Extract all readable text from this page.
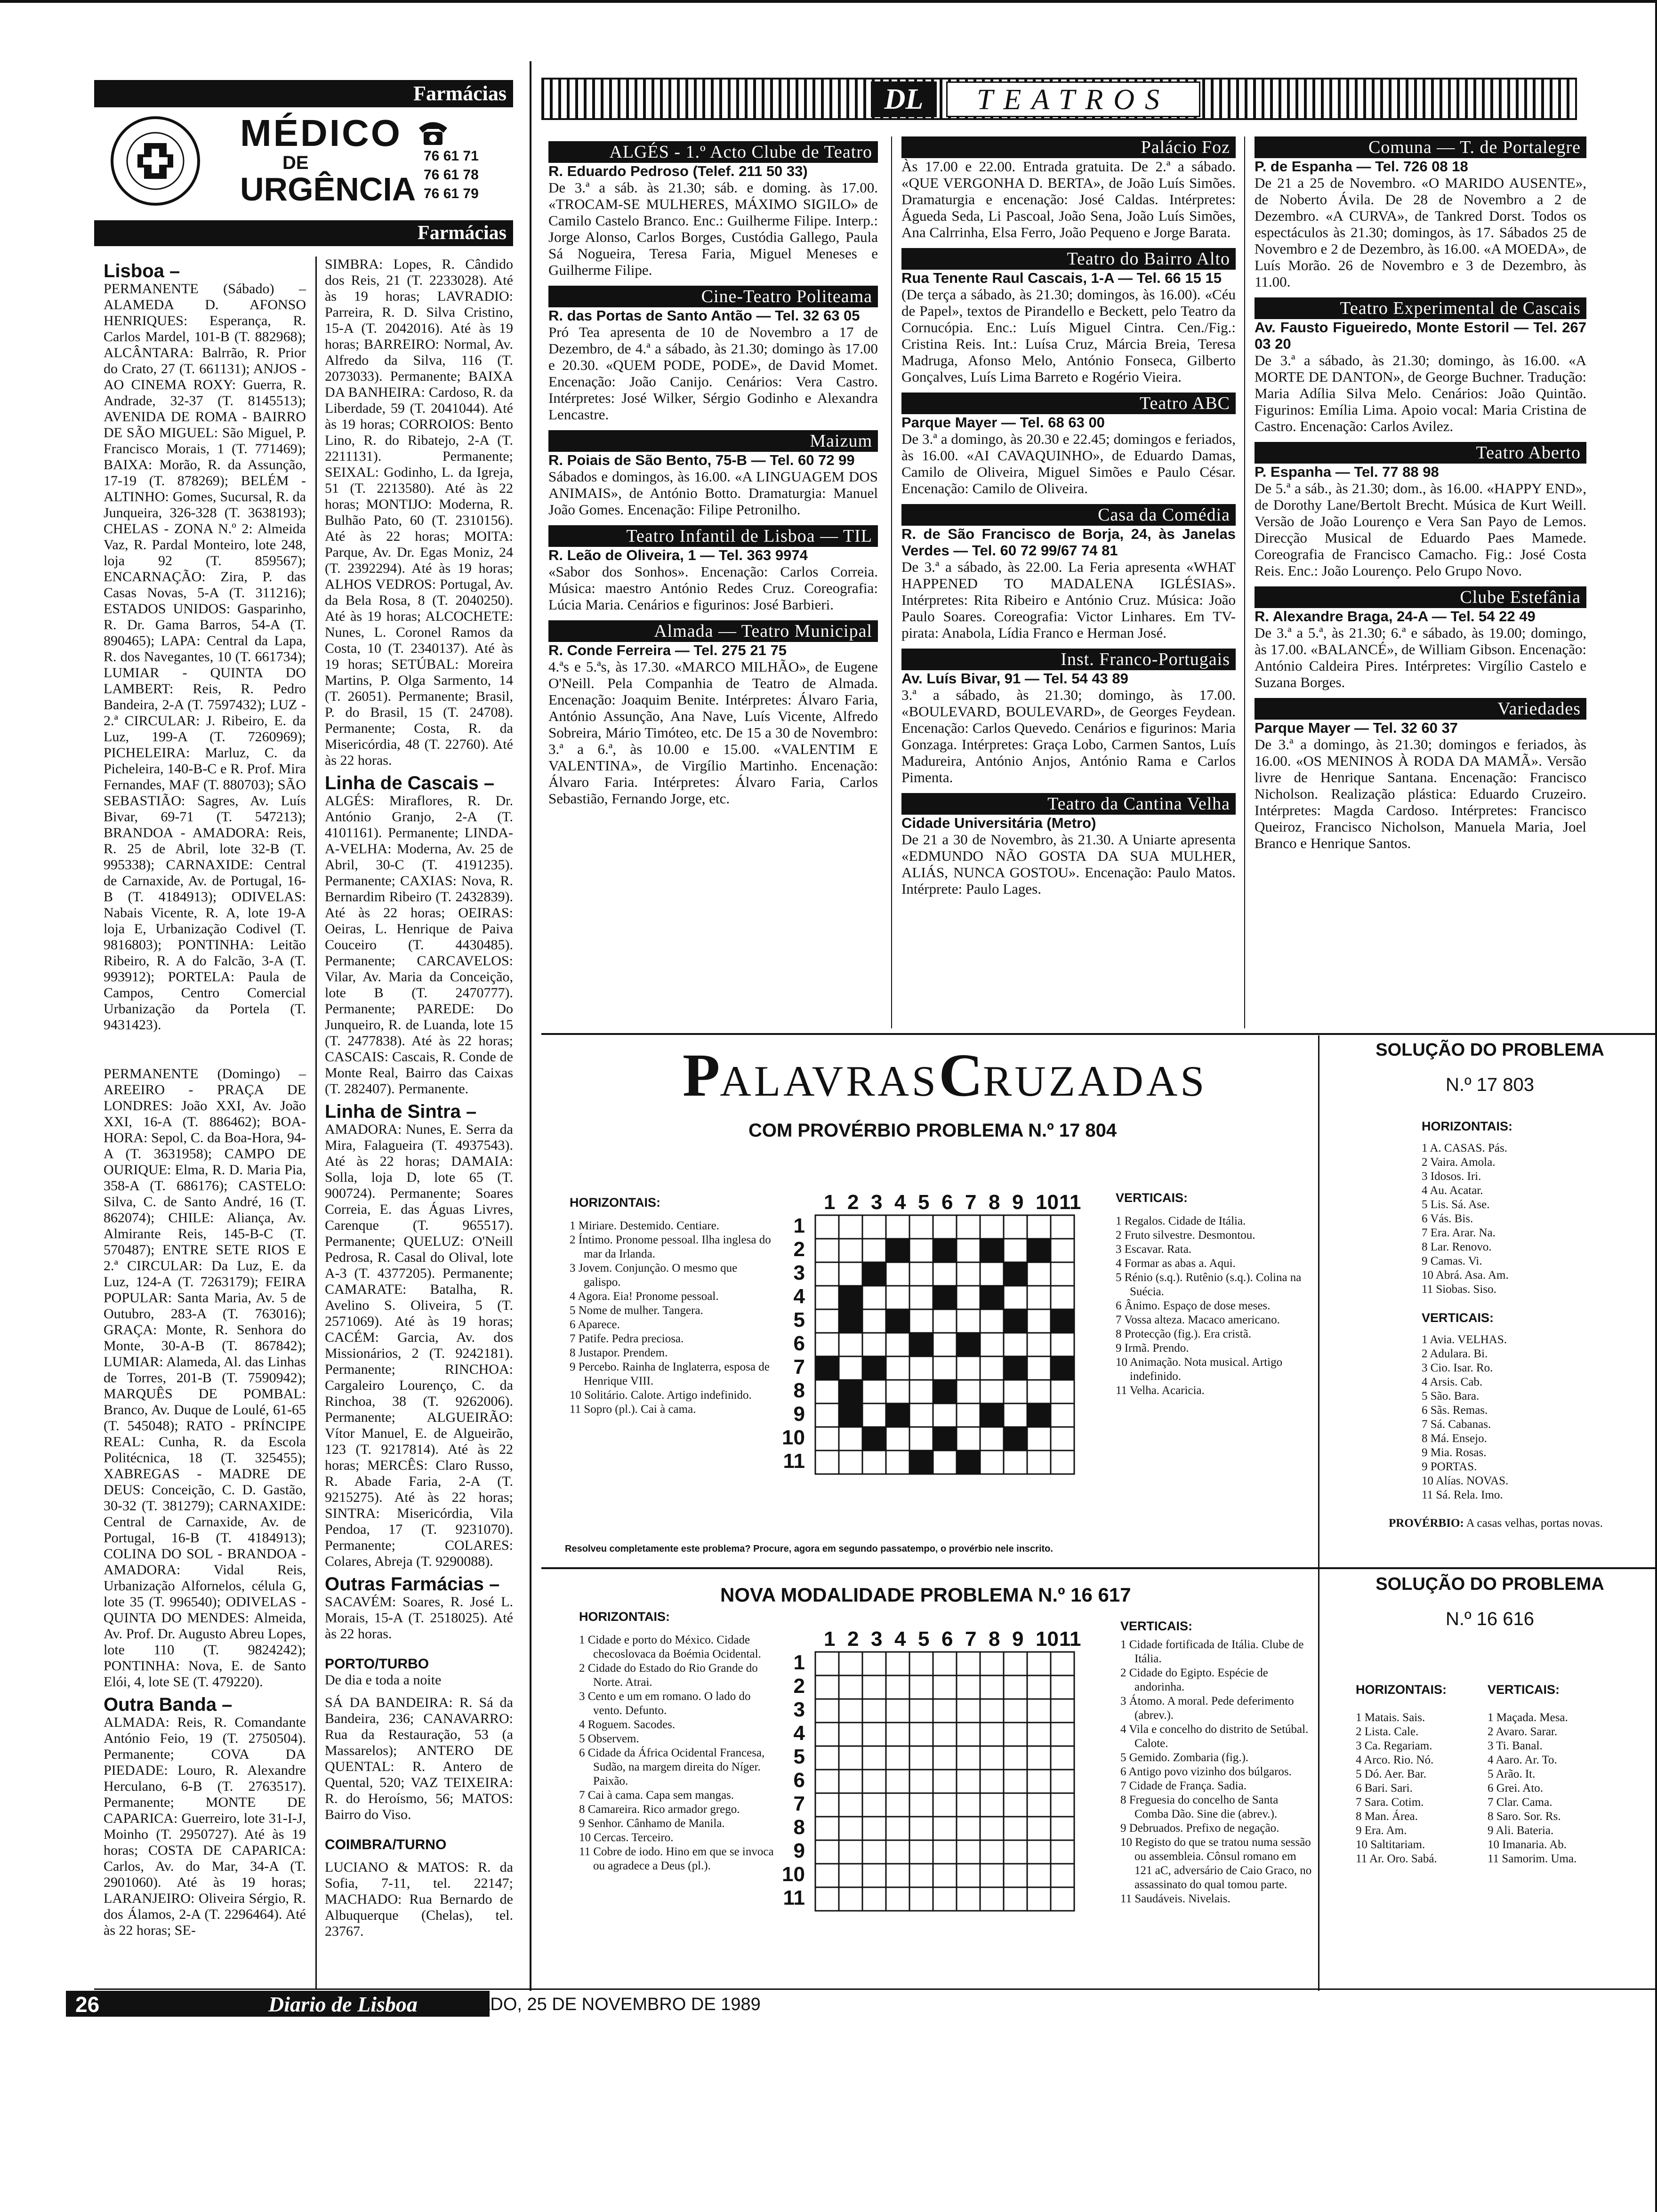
Farmácias
MÉDICO
DE
URGÊNCIA
76 61 71
76 61 78
76 61 79
Farmácias
Lisboa –

PERMANENTE (Sábado) – ALAMEDA D. AFONSO HENRIQUES: Esperança, R. Carlos Mardel, 101-B (T. 882968); ALCÂNTARA: Balrrão, R. Prior do Crato, 27 (T. 661131); ANJOS - AO CINEMA ROXY: Guerra, R. Andrade, 32-37 (T. 8145513); AVENIDA DE ROMA - BAIRRO DE SÃO MIGUEL: São Miguel, P. Francisco Morais, 1 (T. 771469); BAIXA: Morão, R. da Assunção, 17-19 (T. 878269); BELÉM - ALTINHO: Gomes, Sucursal, R. da Junqueira, 326-328 (T. 3638193); CHELAS - ZONA N.º 2: Almeida Vaz, R. Pardal Monteiro, lote 248, loja 92 (T. 859567); ENCARNAÇÃO: Zira, P. das Casas Novas, 5-A (T. 311216); ESTADOS UNIDOS: Gasparinho, R. Dr. Gama Barros, 54-A (T. 890465); LAPA: Central da Lapa, R. dos Navegantes, 10 (T. 661734); LUMIAR - QUINTA DO LAMBERT: Reis, R. Pedro Bandeira, 2-A (T. 7597432); LUZ - 2.ª CIRCULAR: J. Ribeiro, E. da Luz, 199-A (T. 7260969); PICHELEIRA: Marluz, C. da Picheleira, 140-B-C e R. Prof. Mira Fernandes, MAF (T. 880703); SÃO SEBASTIÃO: Sagres, Av. Luís Bivar, 69-71 (T. 547213); BRANDOA - AMADORA: Reis, R. 25 de Abril, lote 32-B (T. 995338); CARNAXIDE: Central de Carnaxide, Av. de Portugal, 16-B (T. 4184913); ODIVELAS: Nabais Vicente, R. A, lote 19-A loja E, Urbanização Codivel (T. 9816803); PONTINHA: Leitão Ribeiro, R. A do Falcão, 3-A (T. 993912); PORTELA: Paula de Campos, Centro Comercial Urbanização da Portela (T. 9431423).

PERMANENTE (Domingo) – AREEIRO - PRAÇA DE LONDRES: João XXI, Av. João XXI, 16-A (T. 886462); BOA-HORA: Sepol, C. da Boa-Hora, 94-A (T. 3631958); CAMPO DE OURIQUE: Elma, R. D. Maria Pia, 358-A (T. 686176); CASTELO: Silva, C. de Santo André, 16 (T. 862074); CHILE: Aliança, Av. Almirante Reis, 145-B-C (T. 570487); ENTRE SETE RIOS E 2.ª CIRCULAR: Da Luz, E. da Luz, 124-A (T. 7263179); FEIRA POPULAR: Santa Maria, Av. 5 de Outubro, 283-A (T. 763016); GRAÇA: Monte, R. Senhora do Monte, 30-A-B (T. 867842); LUMIAR: Alameda, Al. das Linhas de Torres, 201-B (T. 7590942); MARQUÊS DE POMBAL: Branco, Av. Duque de Loulé, 61-65 (T. 545048); RATO - PRÍNCIPE REAL: Cunha, R. da Escola Politécnica, 18 (T. 325455); XABREGAS - MADRE DE DEUS: Conceição, C. D. Gastão, 30-32 (T. 381279); CARNAXIDE: Central de Carnaxide, Av. de Portugal, 16-B (T. 4184913); COLINA DO SOL - BRANDOA - AMADORA: Vidal Reis, Urbanização Alfornelos, célula G, lote 35 (T. 996540); ODIVELAS - QUINTA DO MENDES: Almeida, Av. Prof. Dr. Augusto Abreu Lopes, lote 110 (T. 9824242); PONTINHA: Nova, E. de Santo Elói, 4, lote SE (T. 479220).

Outra Banda –

ALMADA: Reis, R. Comandante António Feio, 19 (T. 2750504). Permanente; COVA DA PIEDADE: Louro, R. Alexandre Herculano, 6-B (T. 2763517). Permanente; MONTE DE CAPARICA: Guerreiro, lote 31-I-J, Moinho (T. 2950727). Até às 19 horas; COSTA DE CAPARICA: Carlos, Av. do Mar, 34-A (T. 2901060). Até às 19 horas; LARANJEIRO: Oliveira Sérgio, R. dos Álamos, 2-A (T. 2296464). Até às 22 horas; SE-

SIMBRA: Lopes, R. Cândido dos Reis, 21 (T. 2233028). Até às 19 horas; LAVRADIO: Parreira, R. D. Silva Cristino, 15-A (T. 2042016). Até às 19 horas; BARREIRO: Normal, Av. Alfredo da Silva, 116 (T. 2073033). Permanente; BAIXA DA BANHEIRA: Cardoso, R. da Liberdade, 59 (T. 2041044). Até às 19 horas; CORROIOS: Bento Lino, R. do Ribatejo, 2-A (T. 2211131). Permanente; SEIXAL: Godinho, L. da Igreja, 51 (T. 2213580). Até às 22 horas; MONTIJO: Moderna, R. Bulhão Pato, 60 (T. 2310156). Até às 22 horas; MOITA: Parque, Av. Dr. Egas Moniz, 24 (T. 2392294). Até às 19 horas; ALHOS VEDROS: Portugal, Av. da Bela Rosa, 8 (T. 2040250). Até às 19 horas; ALCOCHETE: Nunes, L. Coronel Ramos da Costa, 10 (T. 2340137). Até às 19 horas; SETÚBAL: Moreira Martins, P. Olga Sarmento, 14 (T. 26051). Permanente; Brasil, P. do Brasil, 15 (T. 24708). Permanente; Costa, R. da Misericórdia, 48 (T. 22760). Até às 22 horas.

Linha de Cascais –

ALGÉS: Miraflores, R. Dr. António Granjo, 2-A (T. 4101161). Permanente; LINDA-A-VELHA: Moderna, Av. 25 de Abril, 30-C (T. 4191235). Permanente; CAXIAS: Nova, R. Bernardim Ribeiro (T. 2432839). Até às 22 horas; OEIRAS: Oeiras, L. Henrique de Paiva Couceiro (T. 4430485). Permanente; CARCAVELOS: Vilar, Av. Maria da Conceição, lote B (T. 2470777). Permanente; PAREDE: Do Junqueiro, R. de Luanda, lote 15 (T. 2477838). Até às 22 horas; CASCAIS: Cascais, R. Conde de Monte Real, Bairro das Caixas (T. 282407). Permanente.

Linha de Sintra –

AMADORA: Nunes, E. Serra da Mira, Falagueira (T. 4937543). Até às 22 horas; DAMAIA: Solla, loja D, lote 65 (T. 900724). Permanente; Soares Correia, E. das Águas Livres, Carenque (T. 965517). Permanente; QUELUZ: O'Neill Pedrosa, R. Casal do Olival, lote A-3 (T. 4377205). Permanente; CAMARATE: Batalha, R. Avelino S. Oliveira, 5 (T. 2571069). Até às 19 horas; CACÉM: Garcia, Av. dos Missionários, 2 (T. 9242181). Permanente; RINCHOA: Cargaleiro Lourenço, C. da Rinchoa, 38 (T. 9262006). Permanente; ALGUEIRÃO: Vítor Manuel, E. de Algueirão, 123 (T. 9217814). Até às 22 horas; MERCÊS: Claro Russo, R. Abade Faria, 2-A (T. 9215275). Até às 22 horas; SINTRA: Misericórdia, Vila Pendoa, 17 (T. 9231070). Permanente; COLARES: Colares, Abreja (T. 9290088).

Outras Farmácias –

SACAVÉM: Soares, R. José L. Morais, 15-A (T. 2518025). Até às 22 horas.

PORTO/TURBO

De dia e toda a noite

SÁ DA BANDEIRA: R. Sá da Bandeira, 236; CANAVARRO: Rua da Restauração, 53 (a Massarelos); ANTERO DE QUENTAL: R. Antero de Quental, 520; VAZ TEIXEIRA: R. do Heroísmo, 56; MATOS: Bairro do Viso.

COIMBRA/TURNO

LUCIANO & MATOS: R. da Sofia, 7-11, tel. 22147; MACHADO: Rua Bernardo de Albuquerque (Chelas), tel. 23767.

DL	TEATROS
ALGÉS - 1.º Acto Clube de Teatro

R. Eduardo Pedroso (Telef. 211 50 33)

De 3.ª a sáb. às 21.30; sáb. e doming. às 17.00. «TROCAM-SE MULHERES, MÁXIMO SIGILO» de Camilo Castelo Branco. Enc.: Guilherme Filipe. Interp.: Jorge Alonso, Carlos Borges, Custódia Gallego, Paula Sá Nogueira, Teresa Faria, Miguel Meneses e Guilherme Filipe.

Cine-Teatro Politeama

R. das Portas de Santo Antão — Tel. 32 63 05

Pró Tea apresenta de 10 de Novembro a 17 de Dezembro, de 4.ª a sábado, às 21.30; domingo às 17.00 e 20.30. «QUEM PODE, PODE», de David Momet. Encenação: João Canijo. Cenários: Vera Castro. Intérpretes: José Wilker, Sérgio Godinho e Alexandra Lencastre.

Maizum

R. Poiais de São Bento, 75-B — Tel. 60 72 99

Sábados e domingos, às 16.00. «A LINGUAGEM DOS ANIMAIS», de António Botto. Dramaturgia: Manuel João Gomes. Encenação: Filipe Petronilho.

Teatro Infantil de Lisboa — TIL

R. Leão de Oliveira, 1 — Tel. 363 9974

«Sabor dos Sonhos». Encenação: Carlos Correia. Música: maestro António Redes Cruz. Coreografia: Lúcia Maria. Cenários e figurinos: José Barbieri.

Almada — Teatro Municipal

R. Conde Ferreira — Tel. 275 21 75

4.ªs e 5.ªs, às 17.30. «MARCO MILHÃO», de Eugene O'Neill. Pela Companhia de Teatro de Almada. Encenação: Joaquim Benite. Intérpretes: Álvaro Faria, António Assunção, Ana Nave, Luís Vicente, Alfredo Sobreira, Mário Timóteo, etc. De 15 a 30 de Novembro: 3.ª a 6.ª, às 10.00 e 15.00. «VALENTIM E VALENTINA», de Virgílio Martinho. Encenação: Álvaro Faria. Intérpretes: Álvaro Faria, Carlos Sebastião, Fernando Jorge, etc.

Palácio Foz

Às 17.00 e 22.00. Entrada gratuita. De 2.ª a sábado. «QUE VERGONHA D. BERTA», de João Luís Simões. Dramaturgia e encenação: José Caldas. Intérpretes: Águeda Seda, Li Pascoal, João Sena, João Luís Simões, Ana Calrrinha, Elsa Ferro, João Pequeno e Jorge Barata.

Teatro do Bairro Alto

Rua Tenente Raul Cascais, 1-A — Tel. 66 15 15

(De terça a sábado, às 21.30; domingos, às 16.00). «Céu de Papel», textos de Pirandello e Beckett, pelo Teatro da Cornucópia. Enc.: Luís Miguel Cintra. Cen./Fig.: Cristina Reis. Int.: Luísa Cruz, Márcia Breia, Teresa Madruga, Afonso Melo, António Fonseca, Gilberto Gonçalves, Luís Lima Barreto e Rogério Vieira.

Teatro ABC

Parque Mayer — Tel. 68 63 00

De 3.ª a domingo, às 20.30 e 22.45; domingos e feriados, às 16.00. «AI CAVAQUINHO», de Eduardo Damas, Camilo de Oliveira, Miguel Simões e Paulo César. Encenação: Camilo de Oliveira.

Casa da Comédia

R. de São Francisco de Borja, 24, às Janelas Verdes — Tel. 60 72 99/67 74 81

De 3.ª a sábado, às 22.00. La Feria apresenta «WHAT HAPPENED TO MADALENA IGLÉSIAS». Intérpretes: Rita Ribeiro e António Cruz. Música: João Paulo Soares. Coreografia: Victor Linhares. Em TV-pirata: Anabola, Lídia Franco e Herman José.

Inst. Franco-Portugais

Av. Luís Bivar, 91 — Tel. 54 43 89

3.ª a sábado, às 21.30; domingo, às 17.00. «BOULEVARD, BOULEVARD», de Georges Feydean. Encenação: Carlos Quevedo. Cenários e figurinos: Maria Gonzaga. Intérpretes: Graça Lobo, Carmen Santos, Luís Madureira, António Anjos, António Rama e Carlos Pimenta.

Teatro da Cantina Velha

Cidade Universitária (Metro)

De 21 a 30 de Novembro, às 21.30. A Uniarte apresenta «EDMUNDO NÃO GOSTA DA SUA MULHER, ALIÁS, NUNCA GOSTOU». Encenação: Paulo Matos. Intérprete: Paulo Lages.

Comuna — T. de Portalegre

P. de Espanha — Tel. 726 08 18

De 21 a 25 de Novembro. «O MARIDO AUSENTE», de Noberto Ávila. De 28 de Novembro a 2 de Dezembro. «A CURVA», de Tankred Dorst. Todos os espectáculos às 21.30; domingos, às 17. Sábados 25 de Novembro e 2 de Dezembro, às 16.00. «A MOEDA», de Luís Morão. 26 de Novembro e 3 de Dezembro, às 11.00.

Teatro Experimental de Cascais

Av. Fausto Figueiredo, Monte Estoril — Tel. 267 03 20

De 3.ª a sábado, às 21.30; domingo, às 16.00. «A MORTE DE DANTON», de George Buchner. Tradução: Maria Adília Silva Melo. Cenários: João Quintão. Figurinos: Emília Lima. Apoio vocal: Maria Cristina de Castro. Encenação: Carlos Avilez.

Teatro Aberto

P. Espanha — Tel. 77 88 98

De 5.ª a sáb., às 21.30; dom., às 16.00. «HAPPY END», de Dorothy Lane/Bertolt Brecht. Música de Kurt Weill. Versão de João Lourenço e Vera San Payo de Lemos. Direcção Musical de Eduardo Paes Mamede. Coreografia de Francisco Camacho. Fig.: José Costa Reis. Enc.: João Lourenço. Pelo Grupo Novo.

Clube Estefânia

R. Alexandre Braga, 24-A — Tel. 54 22 49

De 3.ª a 5.ª, às 21.30; 6.ª e sábado, às 19.00; domingo, às 17.00. «BALANCÉ», de William Gibson. Encenação: António Caldeira Pires. Intérpretes: Virgílio Castelo e Suzana Borges.

Variedades

Parque Mayer — Tel. 32 60 37

De 3.ª a domingo, às 21.30; domingos e feriados, às 16.00. «OS MENINOS À RODA DA MAMÃ». Versão livre de Henrique Santana. Encenação: Francisco Nicholson. Realização plástica: Eduardo Cruzeiro. Intérpretes: Magda Cardoso. Intérpretes: Francisco Queiroz, Francisco Nicholson, Manuela Maria, Joel Branco e Henrique Santos.

PALAVRASCRUZADAS
COM PROVÉRBIO PROBLEMA N.º 17 804
HORIZONTAIS:
1 Miriare. Destemido. Centiare.
2 Íntimo. Pronome pessoal. Ilha inglesa do mar da Irlanda.
3 Jovem. Conjunção. O mesmo que galispo.
4 Agora. Eia! Pronome pessoal.
5 Nome de mulher. Tangera.
6 Aparece.
7 Patife. Pedra preciosa.
8 Justapor. Prendem.
9 Percebo. Rainha de Inglaterra, esposa de Henrique VIII.
10 Solitário. Calote. Artigo indefinido.
11 Sopro (pl.). Cai à cama.
1 2 3 4 5 6 7 8 9 10 11
1
2
3
4
5
6
7
8
9
10
11
VERTICAIS:
1 Regalos. Cidade de Itália.
2 Fruto silvestre. Desmontou.
3 Escavar. Rata.
4 Formar as abas a. Aqui.
5 Rénio (s.q.). Rutênio (s.q.). Colina na Suécia.
6 Ânimo. Espaço de dose meses.
7 Vossa alteza. Macaco americano.
8 Protecção (fig.). Era cristã.
9 Irmã. Prendo.
10 Animação. Nota musical. Artigo indefinido.
11 Velha. Acaricia.
Resolveu completamente este problema? Procure, agora em segundo passatempo, o provérbio nele inscrito.
SOLUÇÃO DO PROBLEMA
N.º 17 803
HORIZONTAIS:
1 A. CASAS. Pás.
2 Vaira. Amola.
3 Idosos. Iri.
4 Au. Acatar.
5 Lis. Sá. Ase.
6 Vás. Bis.
7 Era. Arar. Na.
8 Lar. Renovo.
9 Camas. Vi.
10 Abrá. Asa. Am.
11 Siobas. Siso.
VERTICAIS:
1 Avia. VELHAS.
2 Adulara. Bi.
3 Cio. Isar. Ro.
4 Arsis. Cab.
5 São. Bara.
6 Sãs. Remas.
7 Sá. Cabanas.
8 Má. Ensejo.
9 Mia. Rosas.
9 PORTAS.
10 Alías. NOVAS.
11 Sá. Rela. Imo.
PROVÉRBIO: A casas velhas, portas novas.
NOVA MODALIDADE PROBLEMA N.º 16 617
HORIZONTAIS:
1 Cidade e porto do México. Cidade checoslovaca da Boémia Ocidental.
2 Cidade do Estado do Rio Grande do Norte. Atrai.
3 Cento e um em romano. O lado do vento. Defunto.
4 Roguem. Sacodes.
5 Observem.
6 Cidade da África Ocidental Francesa, Sudão, na margem direita do Níger. Paixão.
7 Cai à cama. Capa sem mangas.
8 Camareira. Rico armador grego.
9 Senhor. Cânhamo de Manila.
10 Cercas. Terceiro.
11 Cobre de iodo. Hino em que se invoca ou agradece a Deus (pl.).
1 2 3 4 5 6 7 8 9 10 11
1
2
3
4
5
6
7
8
9
10
11
VERTICAIS:
1 Cidade fortificada de Itália. Clube de Itália.
2 Cidade do Egipto. Espécie de andorinha.
3 Átomo. A moral. Pede deferimento (abrev.).
4 Vila e concelho do distrito de Setúbal. Calote.
5 Gemido. Zombaria (fig.).
6 Antigo povo vizinho dos búlgaros.
7 Cidade de França. Sadia.
8 Freguesia do concelho de Santa Comba Dão. Sine die (abrev.).
9 Debruados. Prefixo de negação.
10 Registo do que se tratou numa sessão ou assembleia. Cônsul romano em 121 aC, adversário de Caio Graco, no assassinato do qual tomou parte.
11 Saudáveis. Nivelais.
SOLUÇÃO DO PROBLEMA
N.º 16 616
HORIZONTAIS:	VERTICAIS:
1 Matais. Sais.
2 Lista. Cale.
3 Ca. Regariam.
4 Arco. Rio. Nó.
5 Dó. Aer. Bar.
6 Bari. Sari.
7 Sara. Cotim.
8 Man. Área.
9 Era. Am.
10 Saltitariam.
11 Ar. Oro. Sabá.
1 Maçada. Mesa.
2 Avaro. Sarar.
3 Ti. Banal.
4 Aaro. Ar. To.
5 Arão. It.
6 Grei. Ato.
7 Clar. Cama.
8 Saro. Sor. Rs.
9 Ali. Bateria.
10 Imanaria. Ab.
11 Samorim. Uma.
26	Diario de Lisboa SÁBADO, 25 DE NOVEMBRO DE 1989
